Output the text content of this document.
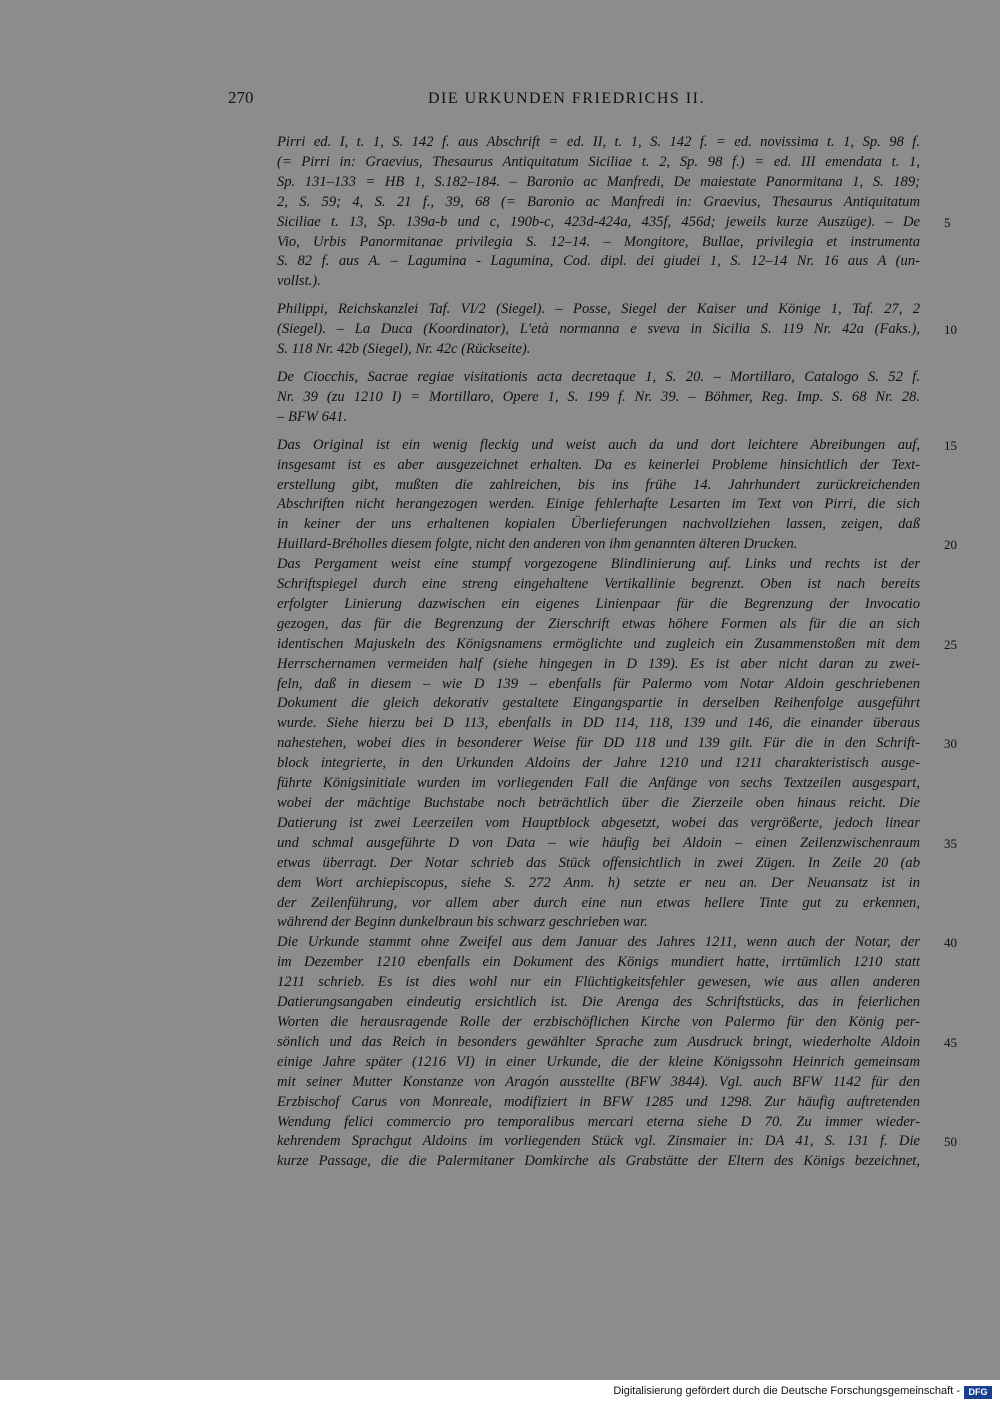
270	DIE URKUNDEN FRIEDRICHS II.
Pirri ed. I, t. 1, S. 142 f. aus Abschrift = ed. II, t. 1, S. 142 f. = ed. novissima t. 1, Sp. 98 f.
(= Pirri in: Graevius, Thesaurus Antiquitatum Siciliae t. 2, Sp. 98 f.) = ed. III emendata t. 1,
Sp. 131–133 = HB 1, S.182–184. – Baronio ac Manfredi, De maiestate Panormitana 1, S. 189;
2, S. 59; 4, S. 21 f., 39, 68 (= Baronio ac Manfredi in: Graevius, Thesaurus Antiquitatum
Siciliae t. 13, Sp. 139a-b und c, 190b-c, 423d-424a, 435f, 456d; jeweils kurze Auszüge). – De 5
Vio, Urbis Panormitanae privilegia S. 12–14. – Mongitore, Bullae, privilegia et instrumenta
S. 82 f. aus A. – Lagumina - Lagumina, Cod. dipl. dei giudei 1, S. 12–14 Nr. 16 aus A (un-
vollst.).
Philippi, Reichskanzlei Taf. VI/2 (Siegel). – Posse, Siegel der Kaiser und Könige 1, Taf. 27, 2
(Siegel). – La Duca (Koordinator), L'età normanna e sveva in Sicilia S. 119 Nr. 42a (Faks.), 10
S. 118 Nr. 42b (Siegel), Nr. 42c (Rückseite).
De Ciocchis, Sacrae regiae visitationis acta decretaque 1, S. 20. – Mortillaro, Catalogo S. 52 f.
Nr. 39 (zu 1210 I) = Mortillaro, Opere 1, S. 199 f. Nr. 39. – Böhmer, Reg. Imp. S. 68 Nr. 28.
– BFW 641.
Das Original ist ein wenig fleckig und weist auch da und dort leichtere Abreibungen auf, 15
insgesamt ist es aber ausgezeichnet erhalten. Da es keinerlei Probleme hinsichtlich der Text-
erstellung gibt, mußten die zahlreichen, bis ins frühe 14. Jahrhundert zurückreichenden
Abschriften nicht herangezogen werden. Einige fehlerhafte Lesarten im Text von Pirri, die sich
in keiner der uns erhaltenen kopialen Überlieferungen nachvollziehen lassen, zeigen, daß
Huillard-Bréholles diesem folgte, nicht den anderen von ihm genannten älteren Drucken.	20
Das Pergament weist eine stumpf vorgezogene Blindlinierung auf. Links und rechts ist der
Schriftspiegel durch eine streng eingehaltene Vertikallinie begrenzt. Oben ist nach bereits
erfolgter Linierung dazwischen ein eigenes Linienpaar für die Begrenzung der Invocatio
gezogen, das für die Begrenzung der Zierschrift etwas höhere Formen als für die an sich
identischen Majuskeln des Königsnamens ermöglichte und zugleich ein Zusammenstoßen mit dem 25
Herrschernamen vermeiden half (siehe hingegen in D 139). Es ist aber nicht daran zu zwei-
feln, daß in diesem – wie D 139 – ebenfalls für Palermo vom Notar Aldoin geschriebenen
Dokument die gleich dekorativ gestaltete Eingangspartie in derselben Reihenfolge ausgeführt
wurde. Siehe hierzu bei D 113, ebenfalls in DD 114, 118, 139 und 146, die einander überaus
nahestehen, wobei dies in besonderer Weise für DD 118 und 139 gilt. Für die in den Schrift- 30
block integrierte, in den Urkunden Aldoins der Jahre 1210 und 1211 charakteristisch ausge-
führte Königsinitiale wurden im vorliegenden Fall die Anfänge von sechs Textzeilen ausgespart,
wobei der mächtige Buchstabe noch beträchtlich über die Zierzeile oben hinaus reicht. Die
Datierung ist zwei Leerzeilen vom Hauptblock abgesetzt, wobei das vergrößerte, jedoch linear
und schmal ausgeführte D von Data – wie häufig bei Aldoin – einen Zeilenzwischenraum 35
etwas überragt. Der Notar schrieb das Stück offensichtlich in zwei Zügen. In Zeile 20 (ab
dem Wort archiepiscopus, siehe S. 272 Anm. h) setzte er neu an. Der Neuansatz ist in
der Zeilenführung, vor allem aber durch eine nun etwas hellere Tinte gut zu erkennen,
während der Beginn dunkelbraun bis schwarz geschrieben war.
Die Urkunde stammt ohne Zweifel aus dem Januar des Jahres 1211, wenn auch der Notar, der 40
im Dezember 1210 ebenfalls ein Dokument des Königs mundiert hatte, irrtümlich 1210 statt
1211 schrieb. Es ist dies wohl nur ein Flüchtigkeitsfehler gewesen, wie aus allen anderen
Datierungsangaben eindeutig ersichtlich ist. Die Arenga des Schriftstücks, das in feierlichen
Worten die herausragende Rolle der erzbischöflichen Kirche von Palermo für den König per-
sönlich und das Reich in besonders gewählter Sprache zum Ausdruck bringt, wiederholte Aldoin 45
einige Jahre später (1216 VI) in einer Urkunde, die der kleine Königssohn Heinrich gemeinsam
mit seiner Mutter Konstanze von Aragón ausstellte (BFW 3844). Vgl. auch BFW 1142 für den
Erzbischof Carus von Monreale, modifiziert in BFW 1285 und 1298. Zur häufig auftretenden
Wendung felici commercio pro temporalibus mercari eterna siehe D 70. Zu immer wieder-
kehrendem Sprachgut Aldoins im vorliegenden Stück vgl. Zinsmaier in: DA 41, S. 131 f. Die 50
kurze Passage, die die Palermitaner Domkirche als Grabstätte der Eltern des Königs bezeichnet,
Digitalisierung gefördert durch die Deutsche Forschungsgemeinschaft - DFG
